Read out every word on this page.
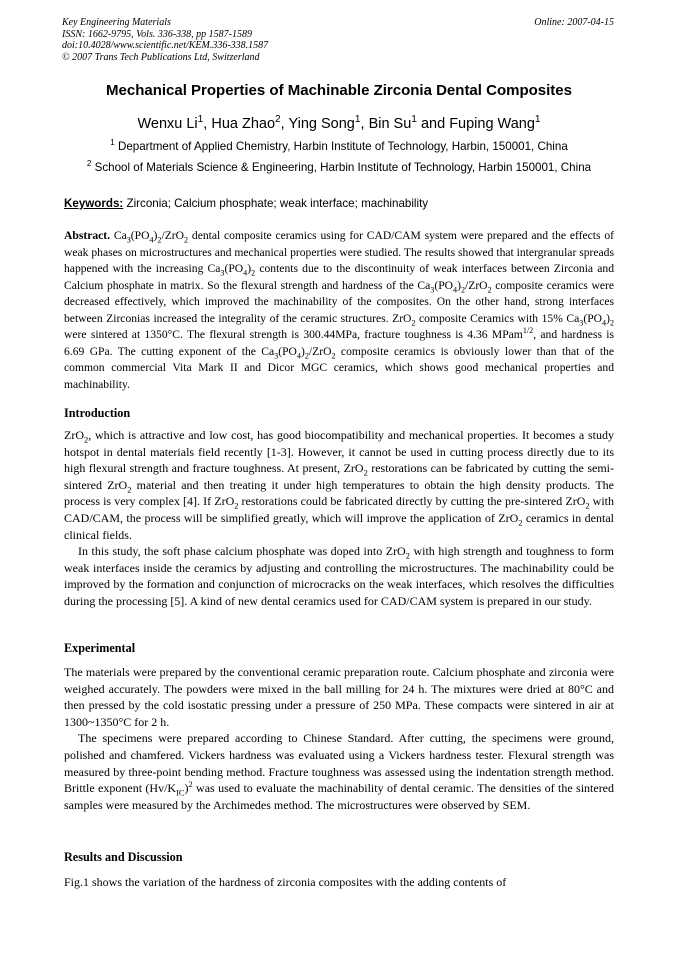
Key Engineering Materials
ISSN: 1662-9795, Vols. 336-338, pp 1587-1589
doi:10.4028/www.scientific.net/KEM.336-338.1587
© 2007 Trans Tech Publications Ltd, Switzerland
Online: 2007-04-15
Mechanical Properties of Machinable Zirconia Dental Composites
Wenxu Li$^1$, Hua Zhao$^2$, Ying Song$^1$, Bin Su$^1$ and Fuping Wang$^1$
$^1$ Department of Applied Chemistry, Harbin Institute of Technology, Harbin, 150001, China
$^2$ School of Materials Science & Engineering, Harbin Institute of Technology, Harbin 150001, China
Keywords: Zirconia; Calcium phosphate; weak interface; machinability

Abstract. $Ca_3(PO_4)_2/ZrO_2$ dental composite ceramics using for CAD/CAM system were prepared and the effects of weak phases on microstructures and mechanical properties were studied. The results showed that intergranular spreads happened with the increasing $Ca_3(PO_4)_2$ contents due to the discontinuity of weak interfaces between Zirconia and Calcium phosphate in matrix. So the flexural strength and hardness of the $Ca_3(PO_4)_2/ZrO_2$ composite ceramics were decreased effectively, which improved the machinability of the composites. On the other hand, strong interfaces between Zirconias increased the integrality of the ceramic structures. ZrO$_2$ composite Ceramics with 15% $Ca_3(PO_4)_2$ were sintered at 1350°C. The flexural strength is 300.44MPa, fracture toughness is 4.36 MPam$^{1/2}$, and hardness is 6.69 GPa. The cutting exponent of the $Ca_3(PO_4)_2/ZrO_2$ composite ceramics is obviously lower than that of the common commercial Vita Mark II and Dicor MGC ceramics, which shows good mechanical properties and machinability.

Introduction

ZrO$_2$, which is attractive and low cost, has good biocompatibility and mechanical properties. It becomes a study hotspot in dental materials field recently [1-3]. However, it cannot be used in cutting process directly due to its high flexural strength and fracture toughness. At present, ZrO$_2$ restorations can be fabricated by cutting the semi-sintered ZrO$_2$ material and then treating it under high temperatures to obtain the high density products. The process is very complex [4]. If ZrO$_2$ restorations could be fabricated directly by cutting the pre-sintered ZrO$_2$ with CAD/CAM, the process will be simplified greatly, which will improve the application of ZrO$_2$ ceramics in dental clinical fields.

In this study, the soft phase calcium phosphate was doped into ZrO$_2$ with high strength and toughness to form weak interfaces inside the ceramics by adjusting and controlling the microstructures. The machinability could be improved by the formation and conjunction of microcracks on the weak interfaces, which resolves the difficulties during the processing [5]. A kind of new dental ceramics used for CAD/CAM system is prepared in our study.

Experimental

The materials were prepared by the conventional ceramic preparation route. Calcium phosphate and zirconia were weighed accurately. The powders were mixed in the ball milling for 24 h. The mixtures were dried at 80°C and then pressed by the cold isostatic pressing under a pressure of 250 MPa. These compacts were sintered in air at 1300~1350°C for 2 h.

The specimens were prepared according to Chinese Standard. After cutting, the specimens were ground, polished and chamfered. Vickers hardness was evaluated using a Vickers hardness tester. Flexural strength was measured by three-point bending method. Fracture toughness was assessed using the indentation strength method. Brittle exponent $(Hv/K_{IC})^2$ was used to evaluate the machinability of dental ceramic. The densities of the sintered samples were measured by the Archimedes method. The microstructures were observed by SEM.

Results and Discussion

Fig.1 shows the variation of the hardness of zirconia composites with the adding contents of
